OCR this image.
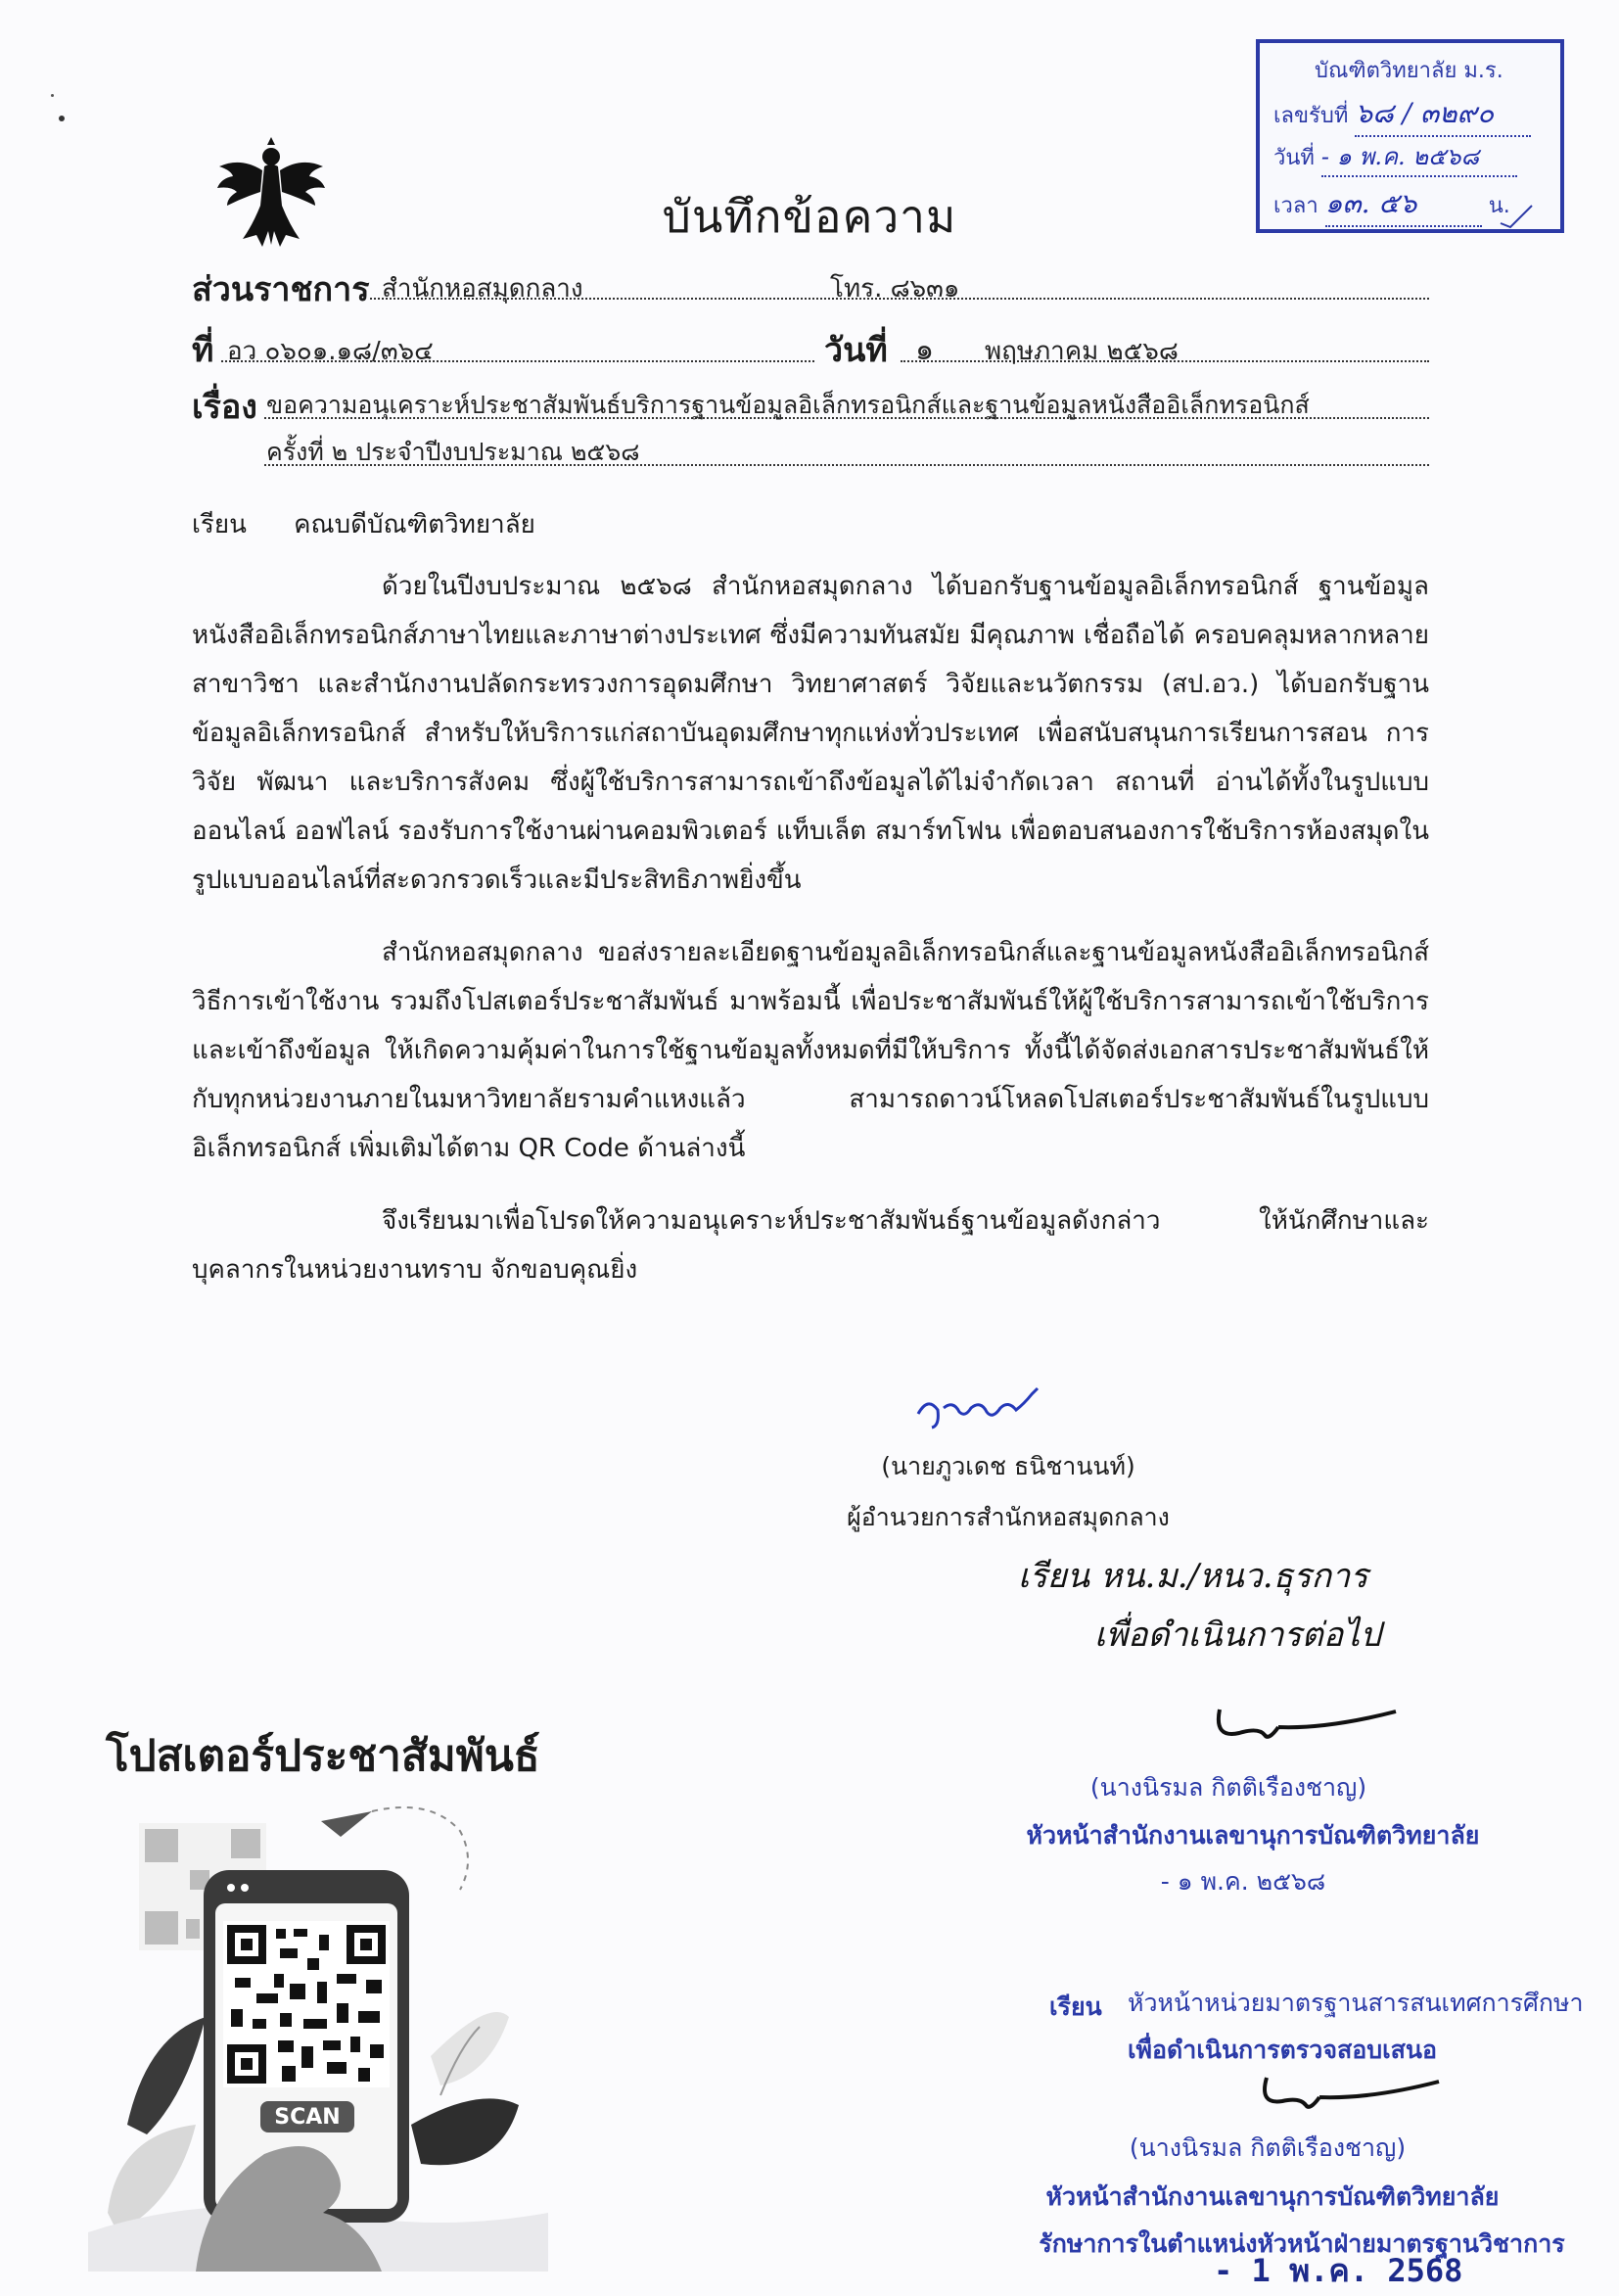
บัณฑิตวิทยาลัย ม.ร.
เลขรับที่ ๖๘ / ๓๒๙๐
วันที่ - ๑ พ.ค. ๒๕๖๘
เวลา ๑๓. ๕๖	น.
บันทึกข้อความ
ส่วนราชการ สำนักหอสมุดกลาง	โทร. ๘๖๓๑
ที่ อว ๐๖๐๑.๑๘/๓๖๔	วันที่ ๑ พฤษภาคม ๒๕๖๘
เรื่อง ขอความอนุเคราะห์ประชาสัมพันธ์บริการฐานข้อมูลอิเล็กทรอนิกส์และฐานข้อมูลหนังสืออิเล็กทรอนิกส์
ครั้งที่ ๒ ประจำปีงบประมาณ ๒๕๖๘
เรียน คณบดีบัณฑิตวิทยาลัย

ด้วยในปีงบประมาณ ๒๕๖๘ สำนักหอสมุดกลาง ได้บอกรับฐานข้อมูลอิเล็กทรอนิกส์ ฐานข้อมูลหนังสืออิเล็กทรอนิกส์ภาษาไทยและภาษาต่างประเทศ ซึ่งมีความทันสมัย มีคุณภาพ เชื่อถือได้ ครอบคลุมหลากหลายสาขาวิชา และสำนักงานปลัดกระทรวงการอุดมศึกษา วิทยาศาสตร์ วิจัยและนวัตกรรม (สป.อว.) ได้บอกรับฐานข้อมูลอิเล็กทรอนิกส์ สำหรับให้บริการแก่สถาบันอุดมศึกษาทุกแห่งทั่วประเทศ เพื่อสนับสนุนการเรียนการสอน การวิจัย พัฒนา และบริการสังคม ซึ่งผู้ใช้บริการสามารถเข้าถึงข้อมูลได้ไม่จำกัดเวลา สถานที่ อ่านได้ทั้งในรูปแบบออนไลน์ ออฟไลน์ รองรับการใช้งานผ่านคอมพิวเตอร์ แท็บเล็ต สมาร์ทโฟน เพื่อตอบสนองการใช้บริการห้องสมุดในรูปแบบออนไลน์ที่สะดวกรวดเร็วและมีประสิทธิภาพยิ่งขึ้น

สำนักหอสมุดกลาง ขอส่งรายละเอียดฐานข้อมูลอิเล็กทรอนิกส์และฐานข้อมูลหนังสืออิเล็กทรอนิกส์ วิธีการเข้าใช้งาน รวมถึงโปสเตอร์ประชาสัมพันธ์ มาพร้อมนี้ เพื่อประชาสัมพันธ์ให้ผู้ใช้บริการสามารถเข้าใช้บริการและเข้าถึงข้อมูล ให้เกิดความคุ้มค่าในการใช้ฐานข้อมูลทั้งหมดที่มีให้บริการ ทั้งนี้ได้จัดส่งเอกสารประชาสัมพันธ์ให้กับทุกหน่วยงานภายในมหาวิทยาลัยรามคำแหงแล้ว สามารถดาวน์โหลดโปสเตอร์ประชาสัมพันธ์ในรูปแบบอิเล็กทรอนิกส์ เพิ่มเติมได้ตาม QR Code ด้านล่างนี้

จึงเรียนมาเพื่อโปรดให้ความอนุเคราะห์ประชาสัมพันธ์ฐานข้อมูลดังกล่าว ให้นักศึกษาและบุคลากรในหน่วยงานทราบ จักขอบคุณยิ่ง

(นายภูวเดช ธนิชานนท์)
ผู้อำนวยการสำนักหอสมุดกลาง
เรียน หน.ม./หนว.ธุรการ
เพื่อดำเนินการต่อไป
(นางนิรมล กิตติเรืองชาญ)
หัวหน้าสำนักงานเลขานุการบัณฑิตวิทยาลัย
- ๑ พ.ค. ๒๕๖๘
เรียน หัวหน้าหน่วยมาตรฐานสารสนเทศการศึกษา
เพื่อดำเนินการตรวจสอบเสนอ
(นางนิรมล กิตติเรืองชาญ)
หัวหน้าสำนักงานเลขานุการบัณฑิตวิทยาลัย
รักษาการในตำแหน่งหัวหน้าฝ่ายมาตรฐานวิชาการ
- 1 พ.ค. 2568
โปสเตอร์ประชาสัมพันธ์
SCAN
